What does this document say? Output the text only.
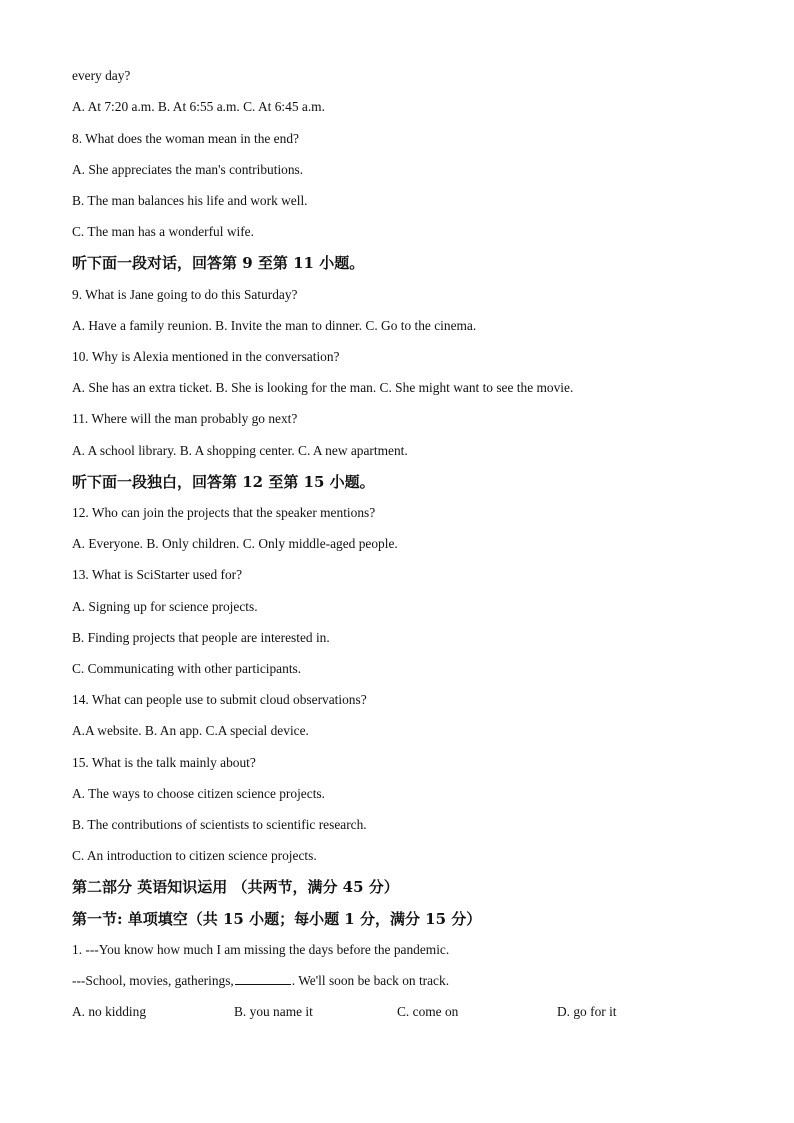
every day?
A. At 7:20 a.m. B. At 6:55 a.m. C. At 6:45 a.m.
8. What does the woman mean in the end?
A. She appreciates the man's contributions.
B. The man balances his life and work well.
C. The man has a wonderful wife.
听下面一段对话，回答第 9 至第 11 小题。
9. What is Jane going to do this Saturday?
A. Have a family reunion. B. Invite the man to dinner. C. Go to the cinema.
10. Why is Alexia mentioned in the conversation?
A. She has an extra ticket. B. She is looking for the man. C. She might want to see the movie.
11. Where will the man probably go next?
A. A school library. B. A shopping center. C. A new apartment.
听下面一段独白，回答第 12 至第 15 小题。
12. Who can join the projects that the speaker mentions?
A. Everyone. B. Only children. C. Only middle-aged people.
13. What is SciStarter used for?
A. Signing up for science projects.
B. Finding projects that people are interested in.
C. Communicating with other participants.
14. What can people use to submit cloud observations?
A.A website. B. An app. C.A special device.
15. What is the talk mainly about?
A. The ways to choose citizen science projects.
B. The contributions of scientists to scientific research.
C. An introduction to citizen science projects.
第二部分 英语知识运用 （共两节，满分 45 分）
第一节: 单项填空（共 15 小题；每小题 1 分，满分 15 分）
1. ---You know how much I am missing the days before the pandemic.
---School, movies, gatherings,	. We'll soon be back on track.
A. no kidding	B. you name it	C. come on	D. go for it
